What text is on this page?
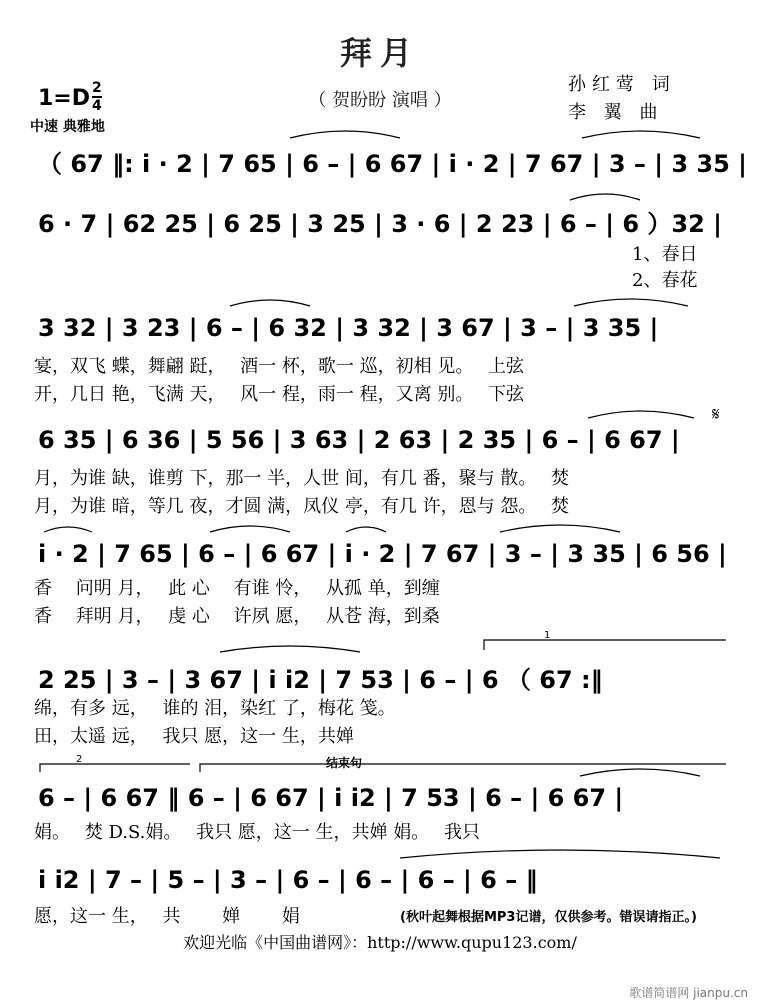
拜月
（ 贺盼盼 演唱 ）
孙红莺 词
李 翼 曲
$1=D \frac{2}{4}$
中速 典雅地
（ 67 ‖: i · 2 | 7 65 | 6 – | 6 67 | i · 2 | 7 67 | 3 – | 3 35 |
6 · 7 | 62 25 | 6 25 | 3 25 | 3 · 6 | 2 23 | 6 – | 6 ）32 |
1、春日
2、春花
3 32 | 3 23 | 6 – | 6 32 | 3 32 | 3 67 | 3 – | 3 35 |
宴，双飞 蝶，舞翩 跹，　 酒一 杯，歌一 巡，初相 见。　 上弦
开，几日 艳，飞满 天，　 风一 程，雨一 程，又离 别。　 下弦
6 35 | 6 36 | 5 56 | 3 63 | 2 63 | 2 35 | 6 – | 6 67 |
𝄋
月，为谁 缺，谁剪 下，那一 半，人世 间，有几 番，聚与 散。　 焚
月，为谁 暗，等几 夜，才圆 满，凤仪 亭，有几 许，恩与 怨。　 焚
i · 2 | 7 65 | 6 – | 6 67 | i · 2 | 7 67 | 3 – | 3 35 | 6 56 |
香　 问明 月，　 此 心　 有谁 怜，　 从孤 单，到缠
香　 拜明 月，　 虔 心　 许夙 愿，　 从苍 海，到桑
1
2 25 | 3 – | 3 67 | i i2 | 7 53 | 6 – | 6 （ 67 :‖
绵，有多 远，　 谁的 泪，染红 了，梅花 笺。
田，太遥 远，　 我只 愿，这一 生，共婵
2	结束句
6 – | 6 67 ‖ 6 – | 6 67 | i i2 | 7 53 | 6 – | 6 67 |
娟。　 焚 D.S.娟。　 我只 愿，这一 生，共婵 娟。　 我只
i i2 | 7 – | 5 – | 3 – | 6 – | 6 – | 6 – | 6 – ‖
愿，这一 生，　 共　　 婵　　 娟	(秋叶起舞根据MP3记谱，仅供参考。错误请指正。)
欢迎光临《中国曲谱网》：http://www.qupu123.com/
歌谱简谱网 jianpu.cn
